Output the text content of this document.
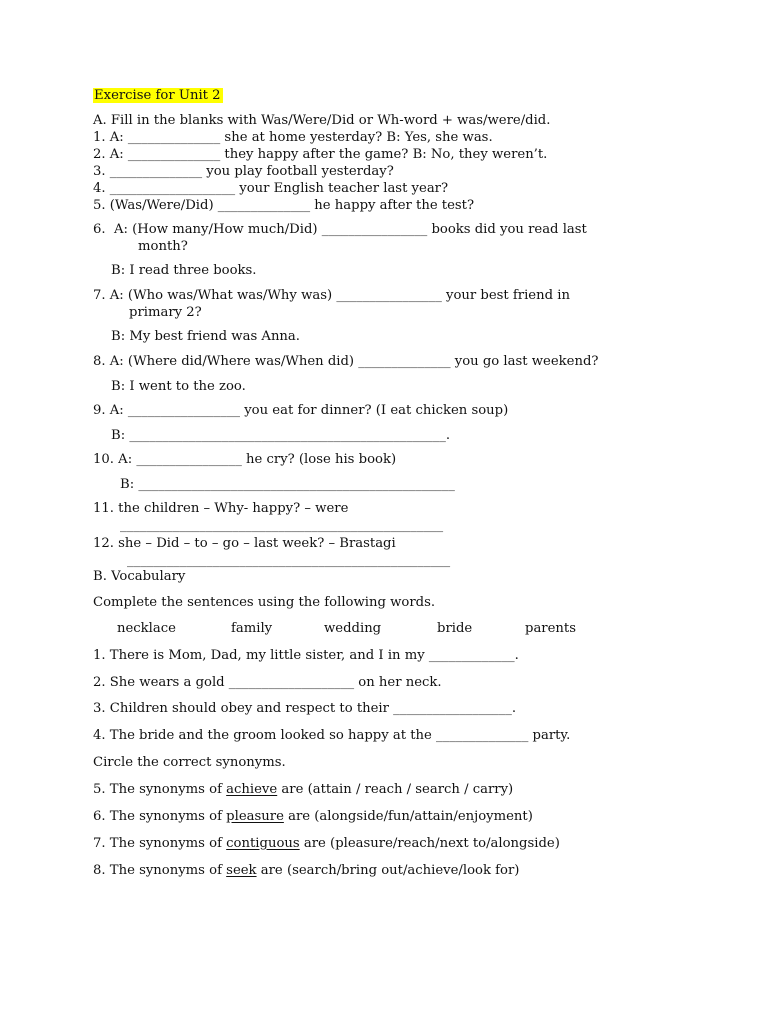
Exercise for Unit 2
A. Fill in the blanks with Was/Were/Did or Wh-word + was/were/did.
1. A: ______________ she at home yesterday? B: Yes, she was.
2. A: ______________ they happy after the game? B: No, they weren’t.
3. ______________ you play football yesterday?
4. ___________________ your English teacher last year?
5. (Was/Were/Did) ______________ he happy after the test?
6.  A: (How many/How much/Did) ________________ books did you read last
month?
B: I read three books.
7. A: (Who was/What was/Why was) ________________ your best friend in
primary 2?
B: My best friend was Anna.
8. A: (Where did/Where was/When did) ______________ you go last weekend?
B: I went to the zoo.
9. A: _________________ you eat for dinner? (I eat chicken soup)
B: ________________________________________________.
10. A: ________________ he cry? (lose his book)
B: ________________________________________________
11. the children – Why- happy? – were
_________________________________________________
12. she – Did – to – go – last week? – Brastagi
_________________________________________________
B. Vocabulary
Complete the sentences using the following words.
necklace	family	wedding	bride	parents
1. There is Mom, Dad, my little sister, and I in my _____________.
2. She wears a gold ___________________ on her neck.
3. Children should obey and respect to their __________________.
4. The bride and the groom looked so happy at the ______________ party.
Circle the correct synonyms.
5. The synonyms of achieve are (attain / reach / search / carry)
6. The synonyms of pleasure are (alongside/fun/attain/enjoyment)
7. The synonyms of contiguous are (pleasure/reach/next to/alongside)
8. The synonyms of seek are (search/bring out/achieve/look for)
